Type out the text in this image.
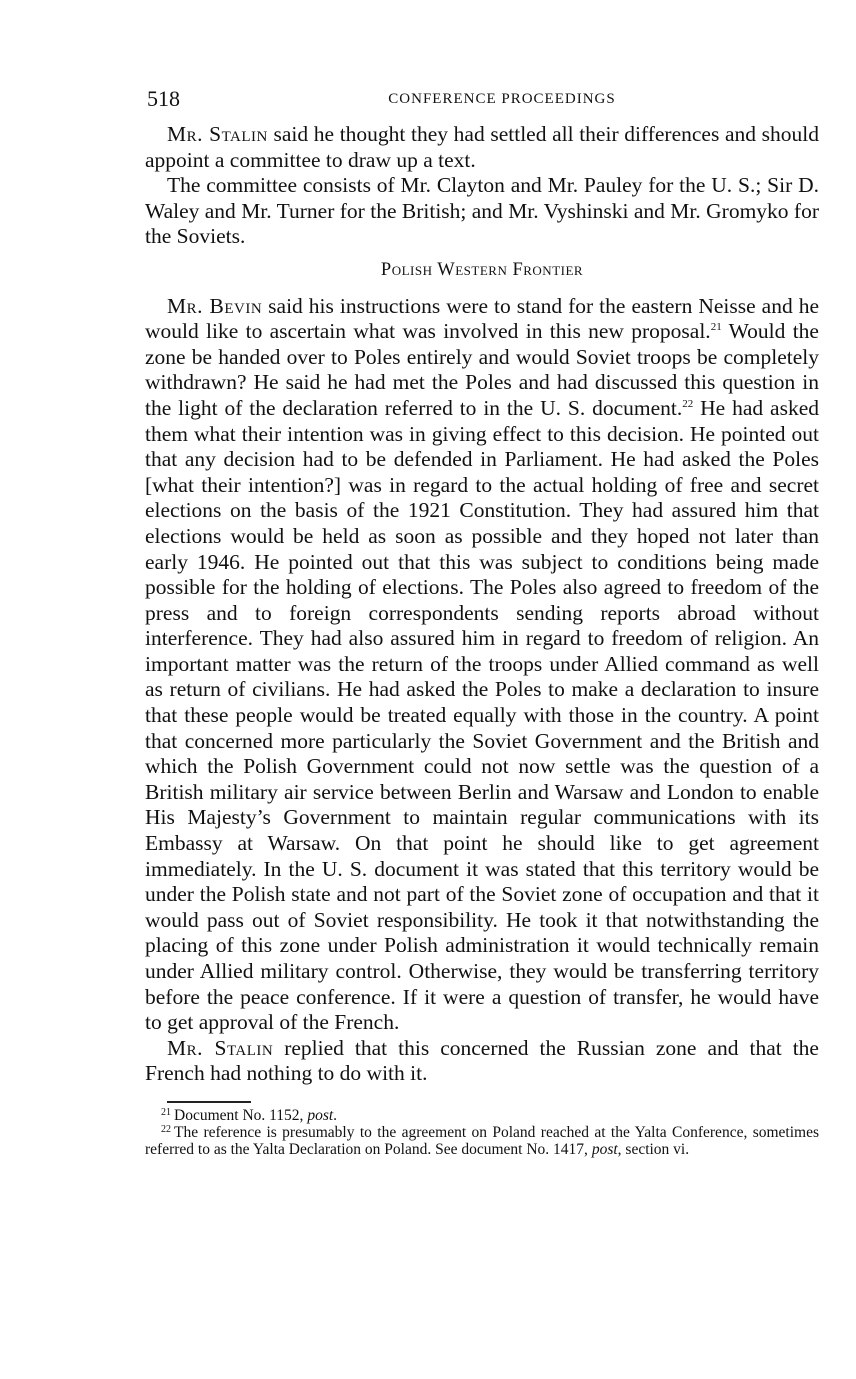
518	CONFERENCE PROCEEDINGS

Mr. Stalin said he thought they had settled all their differences and should appoint a committee to draw up a text.

The committee consists of Mr. Clayton and Mr. Pauley for the U. S.; Sir D. Waley and Mr. Turner for the British; and Mr. Vyshinski and Mr. Gromyko for the Soviets.

Polish Western Frontier

Mr. Bevin said his instructions were to stand for the eastern Neisse and he would like to ascertain what was involved in this new proposal.$^{21}$ Would the zone be handed over to Poles entirely and would Soviet troops be completely withdrawn? He said he had met the Poles and had discussed this question in the light of the declaration referred to in the U. S. document.$^{22}$ He had asked them what their intention was in giving effect to this decision. He pointed out that any decision had to be defended in Parliament. He had asked the Poles [what their intention?] was in regard to the actual holding of free and secret elections on the basis of the 1921 Constitution. They had assured him that elections would be held as soon as possible and they hoped not later than early 1946. He pointed out that this was subject to conditions being made possible for the holding of elections. The Poles also agreed to freedom of the press and to foreign correspondents sending reports abroad without interference. They had also assured him in regard to freedom of religion. An important matter was the return of the troops under Allied command as well as return of civilians. He had asked the Poles to make a declaration to insure that these people would be treated equally with those in the country. A point that concerned more particularly the Soviet Government and the British and which the Polish Government could not now settle was the question of a British military air service between Berlin and Warsaw and London to enable His Majesty’s Government to maintain regular communications with its Embassy at Warsaw. On that point he should like to get agreement immediately. In the U. S. document it was stated that this territory would be under the Polish state and not part of the Soviet zone of occupation and that it would pass out of Soviet responsibility. He took it that notwithstanding the placing of this zone under Polish administration it would technically remain under Allied military control. Otherwise, they would be transferring territory before the peace conference. If it were a question of transfer, he would have to get approval of the French.

Mr. Stalin replied that this concerned the Russian zone and that the French had nothing to do with it.

$^{21}$ Document No. 1152, post.

$^{22}$ The reference is presumably to the agreement on Poland reached at the Yalta Conference, sometimes referred to as the Yalta Declaration on Poland. See document No. 1417, post, section vi.
